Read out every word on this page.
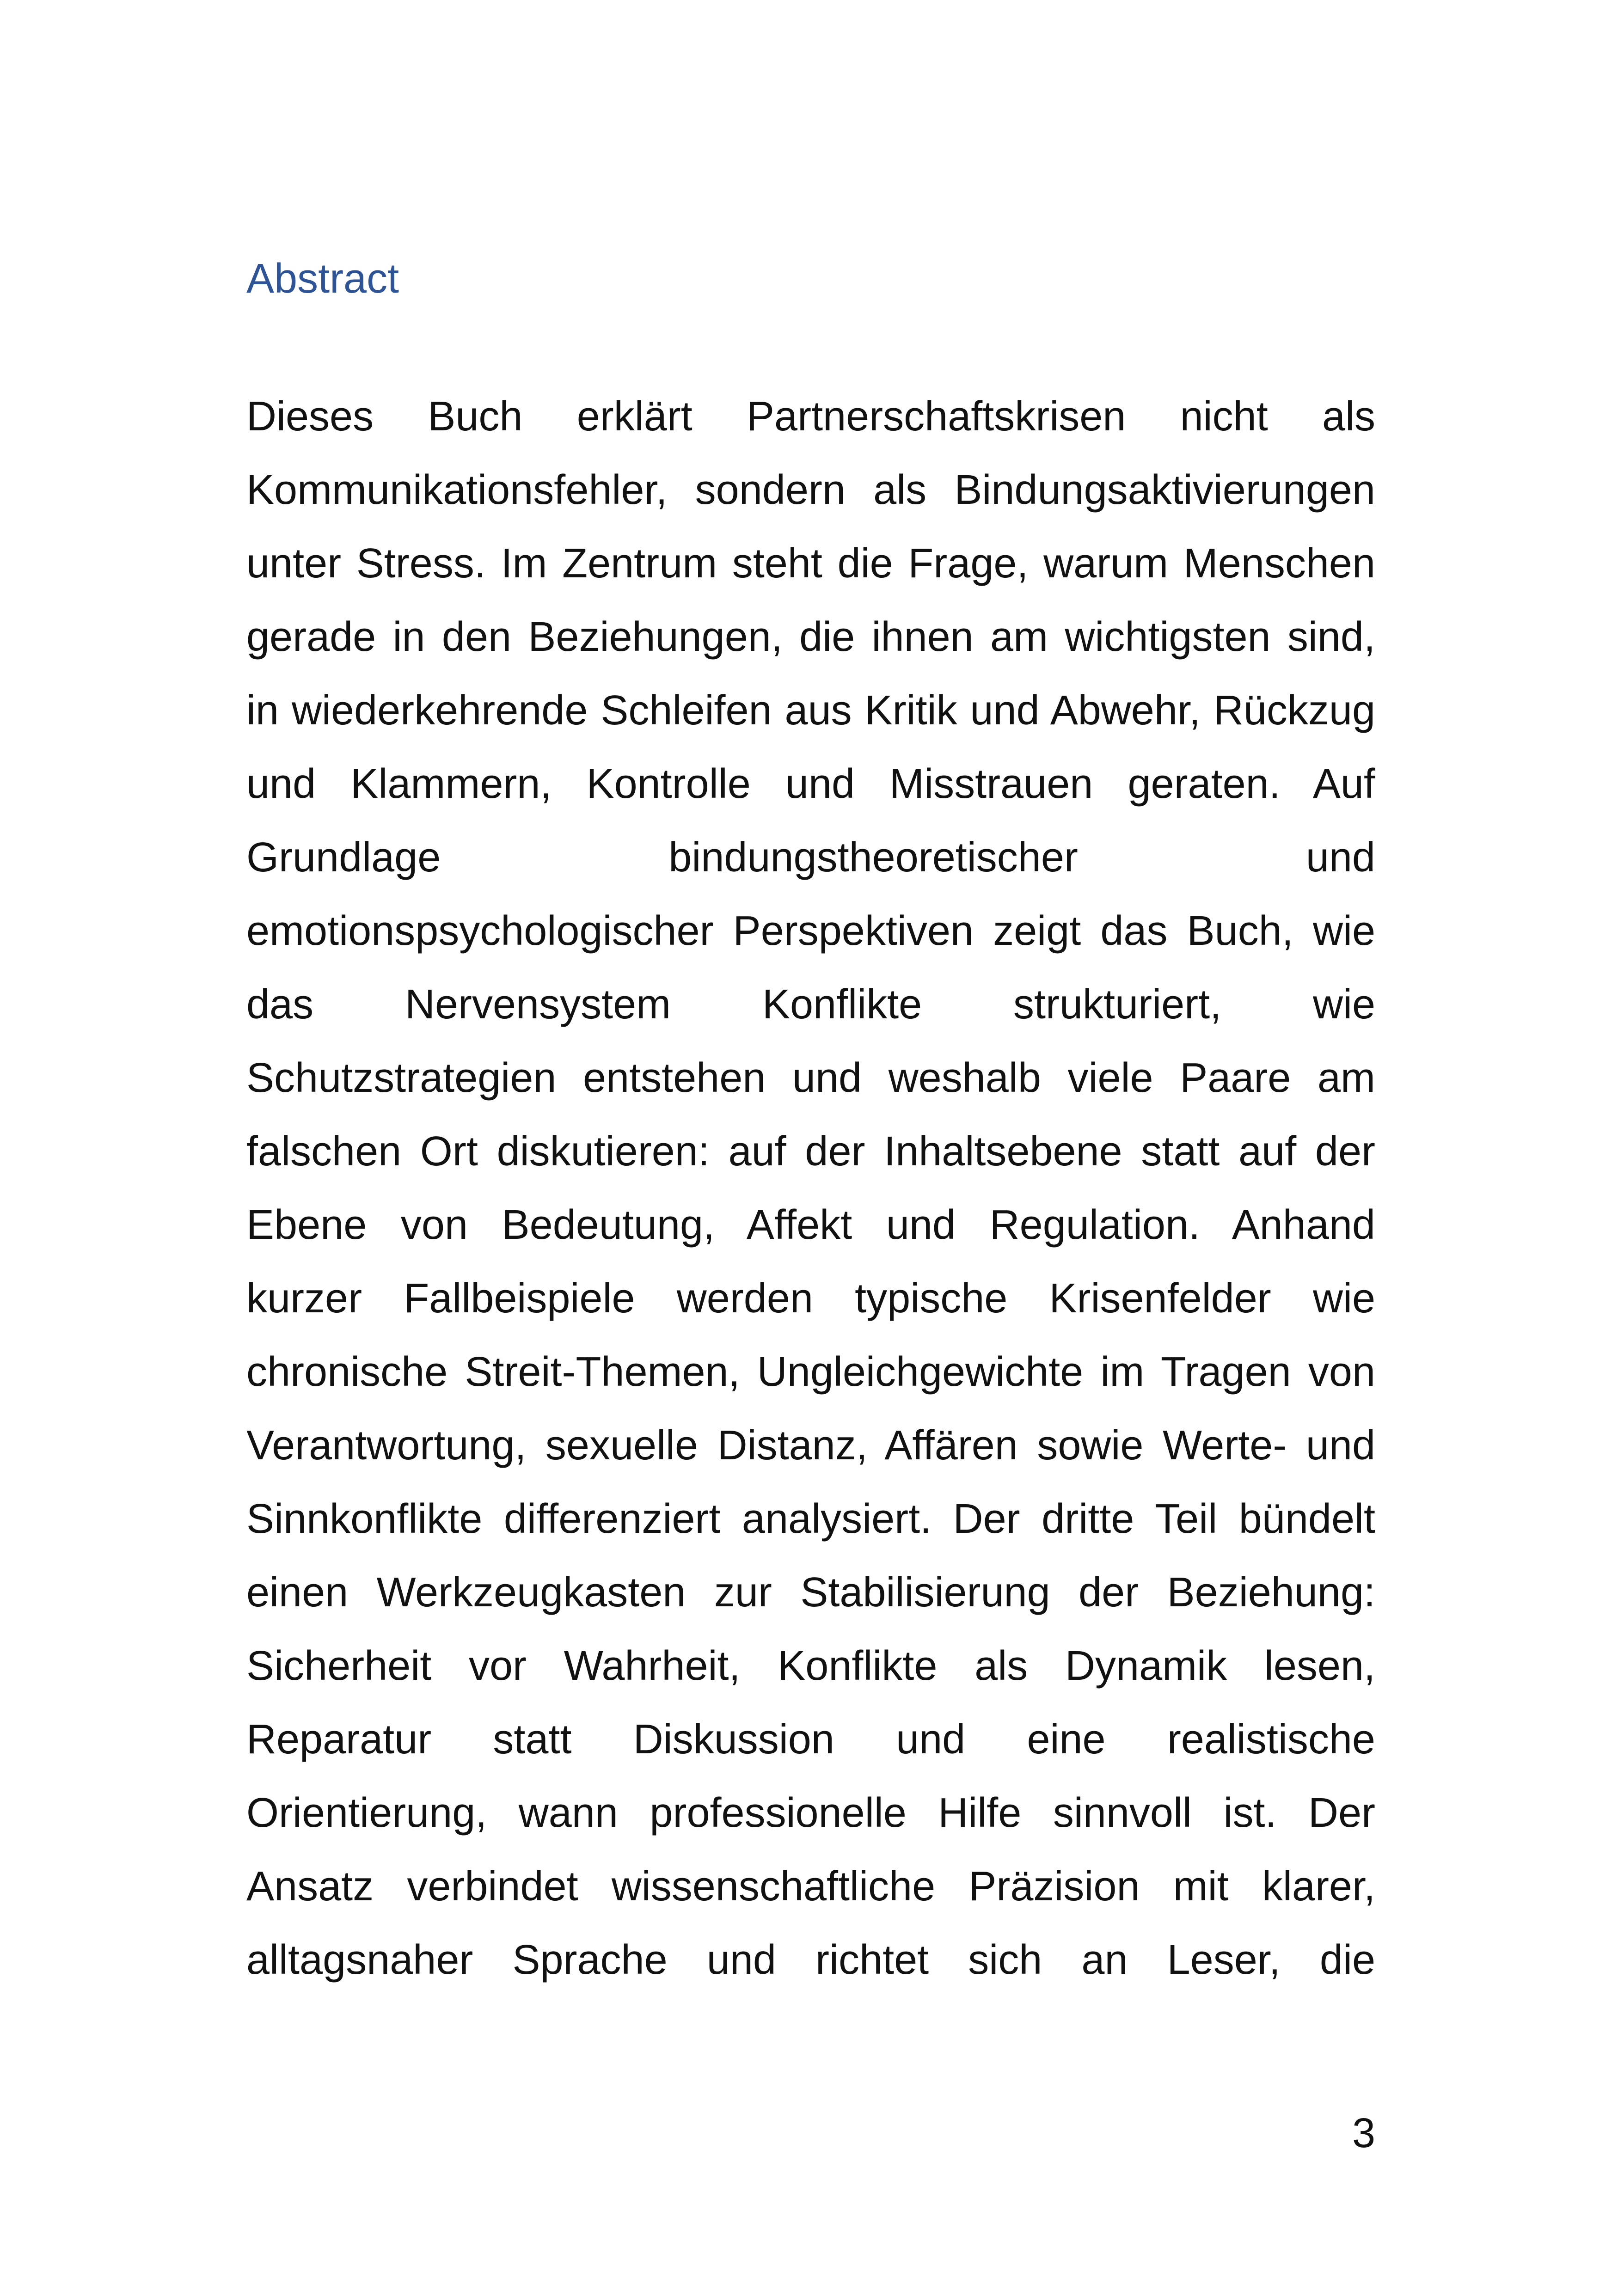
Abstract
Dieses Buch erklärt Partnerschaftskrisen nicht als
Kommunikationsfehler, sondern als Bindungsaktivierungen
unter Stress. Im Zentrum steht die Frage, warum Menschen
gerade in den Beziehungen, die ihnen am wichtigsten sind,
in wiederkehrende Schleifen aus Kritik und Abwehr, Rückzug
und Klammern, Kontrolle und Misstrauen geraten. Auf
Grundlage bindungstheoretischer und
emotionspsychologischer Perspektiven zeigt das Buch, wie
das Nervensystem Konflikte strukturiert, wie
Schutzstrategien entstehen und weshalb viele Paare am
falschen Ort diskutieren: auf der Inhaltsebene statt auf der
Ebene von Bedeutung, Affekt und Regulation. Anhand
kurzer Fallbeispiele werden typische Krisenfelder wie
chronische Streit-Themen, Ungleichgewichte im Tragen von
Verantwortung, sexuelle Distanz, Affären sowie Werte- und
Sinnkonflikte differenziert analysiert. Der dritte Teil bündelt
einen Werkzeugkasten zur Stabilisierung der Beziehung:
Sicherheit vor Wahrheit, Konflikte als Dynamik lesen,
Reparatur statt Diskussion und eine realistische
Orientierung, wann professionelle Hilfe sinnvoll ist. Der
Ansatz verbindet wissenschaftliche Präzision mit klarer,
alltagsnaher Sprache und richtet sich an Leser, die
3
